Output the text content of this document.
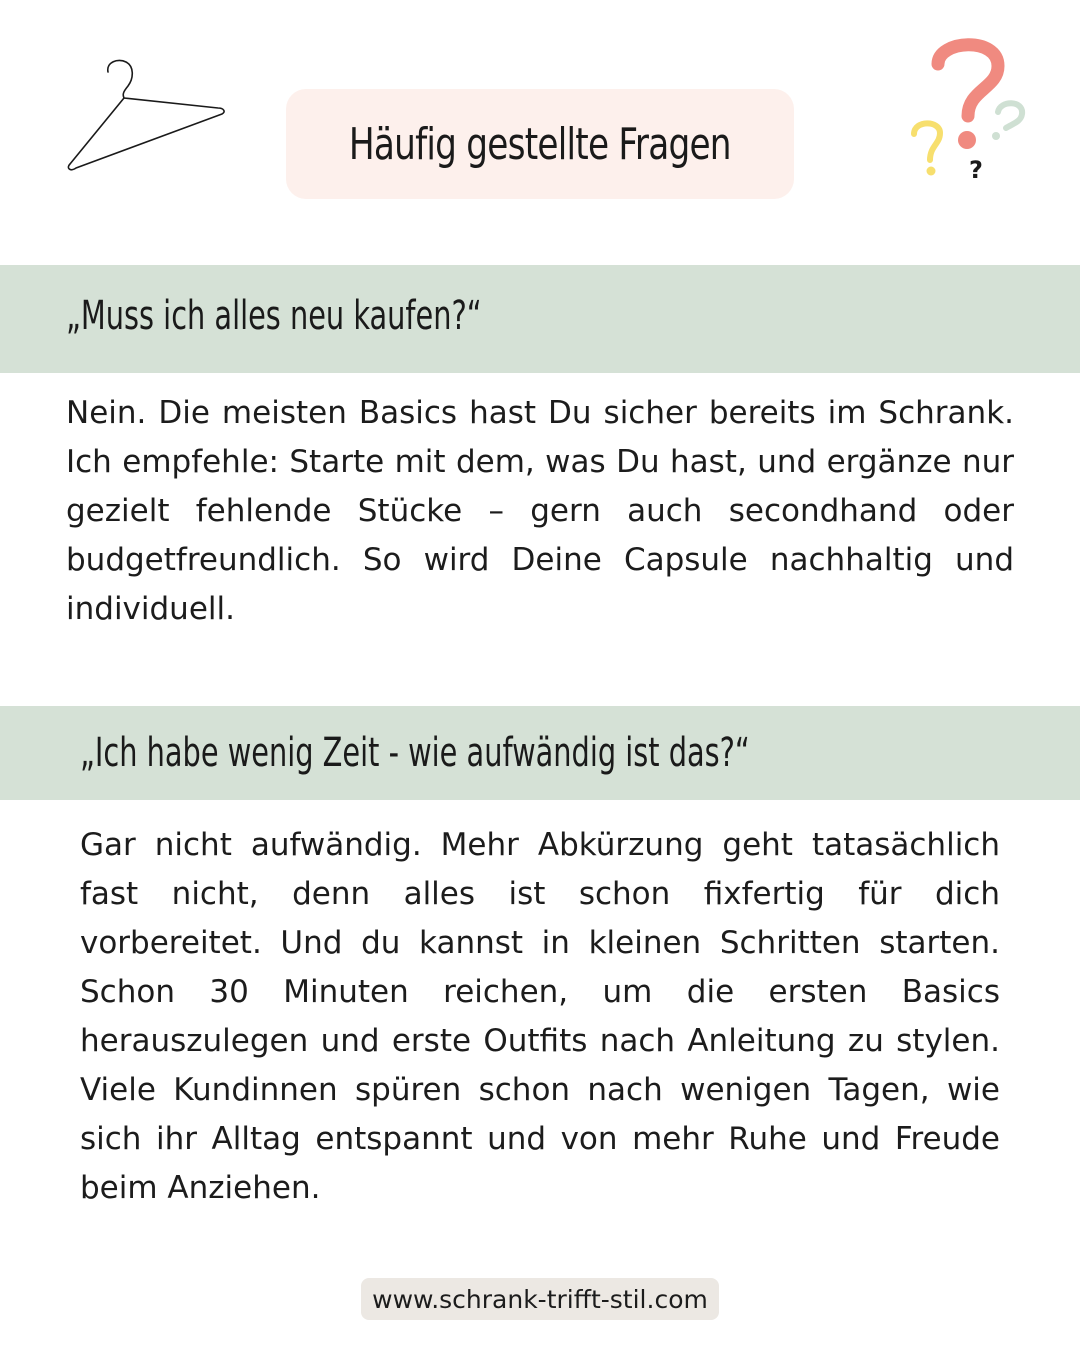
Häufig gestellte Fragen
?
„Muss ich alles neu kaufen?“

Nein. Die meisten Basics hast Du sicher bereits im Schrank. Ich empfehle: Starte mit dem, was Du hast, und ergänze nur gezielt fehlende Stücke – gern auch secondhand oder budgetfreundlich. So wird Deine Capsule nachhaltig und individuell.

„Ich habe wenig Zeit - wie aufwändig ist das?“

Gar nicht aufwändig. Mehr Abkürzung geht tatasächlich fast nicht, denn alles ist schon fixfertig für dich vorbereitet. Und du kannst in kleinen Schritten starten. Schon 30 Minuten reichen, um die ersten Basics herauszulegen und erste Outfits nach Anleitung zu stylen. Viele Kundinnen spüren schon nach wenigen Tagen, wie sich ihr Alltag entspannt und von mehr Ruhe und Freude beim Anziehen.

www.schrank-trifft-stil.com
